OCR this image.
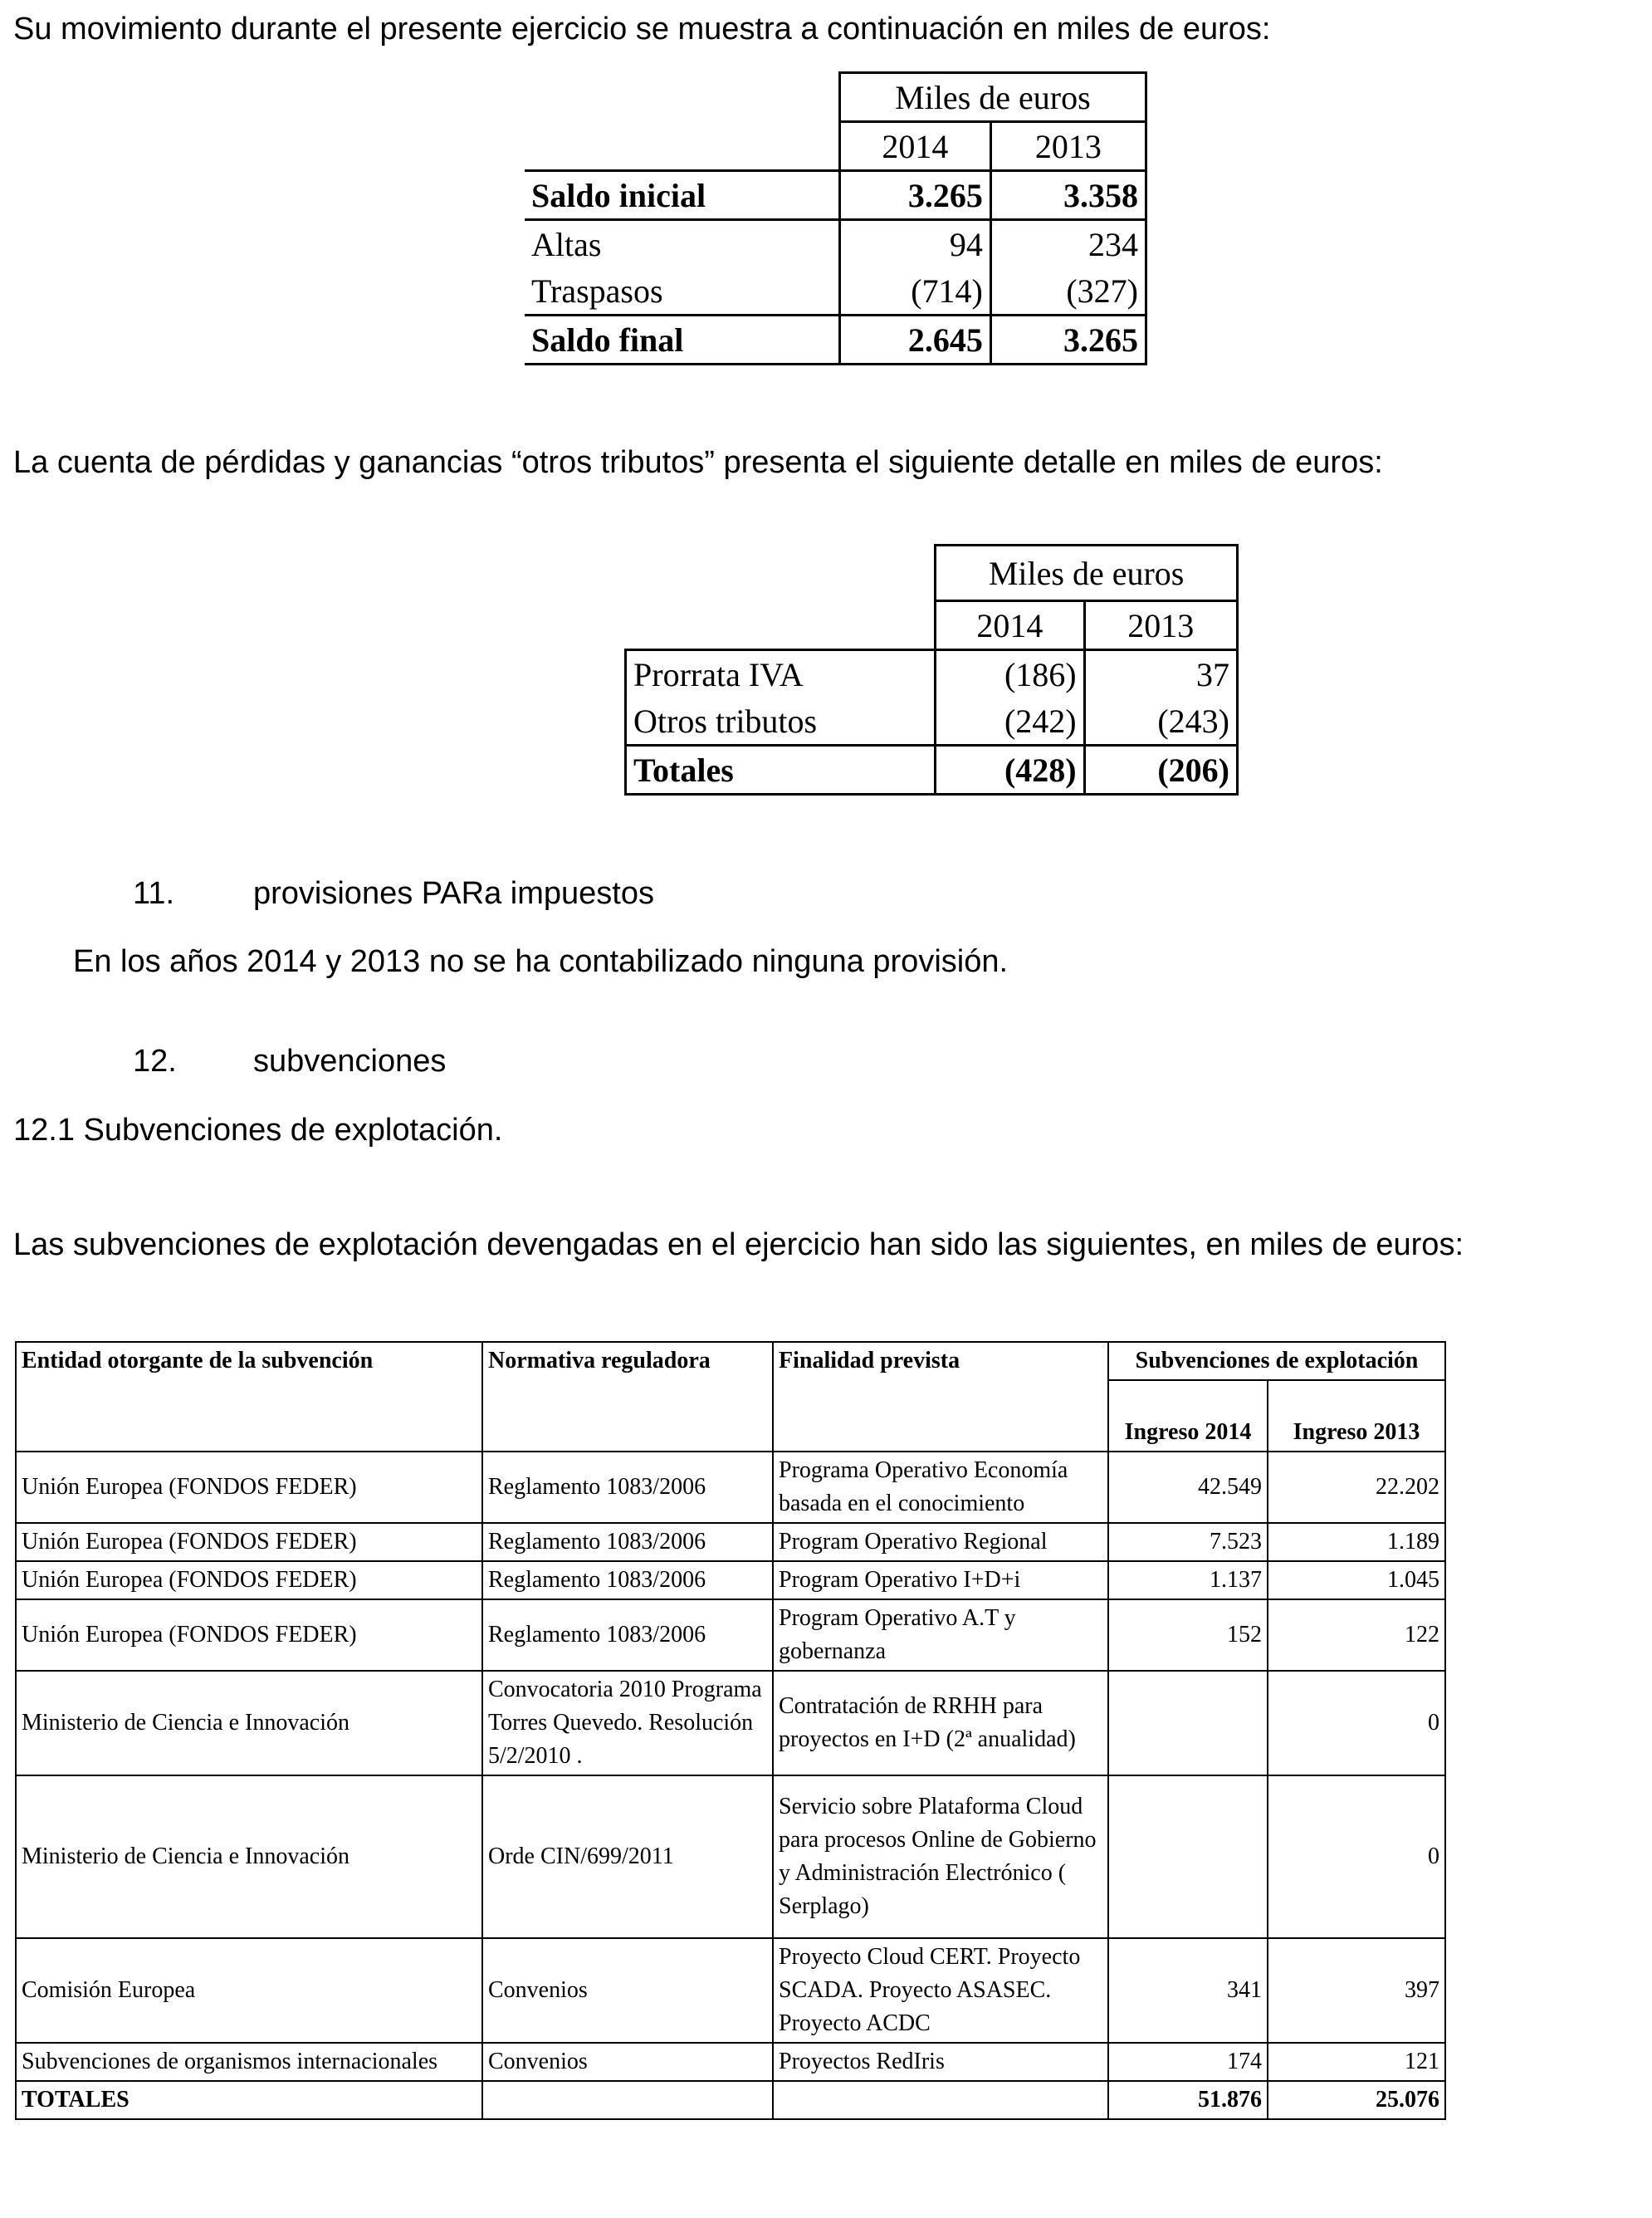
Su movimiento durante el presente ejercicio se muestra a continuación en miles de euros:
	Miles de euros	
	2014	2013
Saldo inicial	3.265	3.358
Altas	94	234
Traspasos	(714)	(327)
Saldo final	2.645	3.265
La cuenta de pérdidas y ganancias “otros tributos” presenta el siguiente detalle en miles de euros:
	Miles de euros	
	2014	2013
Prorrata IVA	(186)	37
Otros tributos	(242)	(243)
Totales	(428)	(206)
11. provisiones PARa impuestos
En los años 2014 y 2013 no se ha contabilizado ninguna provisión.
12. subvenciones
12.1 Subvenciones de explotación.
Las subvenciones de explotación devengadas en el ejercicio han sido las siguientes, en miles de euros:
Entidad otorgante de la subvención	Normativa reguladora	Finalidad prevista	Subvenciones de explotación	
			Ingreso 2014	Ingreso 2013
Unión Europea (FONDOS FEDER)	Reglamento 1083/2006	Programa Operativo Economía basada en el conocimiento	42.549	22.202
Unión Europea (FONDOS FEDER)	Reglamento 1083/2006	Program Operativo Regional	7.523	1.189
Unión Europea (FONDOS FEDER)	Reglamento 1083/2006	Program Operativo I+D+i	1.137	1.045
Unión Europea (FONDOS FEDER)	Reglamento 1083/2006	Program Operativo A.T y gobernanza	152	122
Ministerio de Ciencia e Innovación	Convocatoria 2010 Programa Torres Quevedo. Resolución 5/2/2010 .	Contratación de RRHH para proyectos en I+D (2ª anualidad)		0
Ministerio de Ciencia e Innovación	Orde CIN/699/2011	Servicio sobre Plataforma Cloud para procesos Online de Gobierno y Administración Electrónico ( Serplago)		0
Comisión Europea	Convenios	Proyecto Cloud CERT. Proyecto SCADA. Proyecto ASASEC. Proyecto ACDC	341	397
Subvenciones de organismos internacionales	Convenios	Proyectos RedIris	174	121
TOTALES			51.876	25.076
